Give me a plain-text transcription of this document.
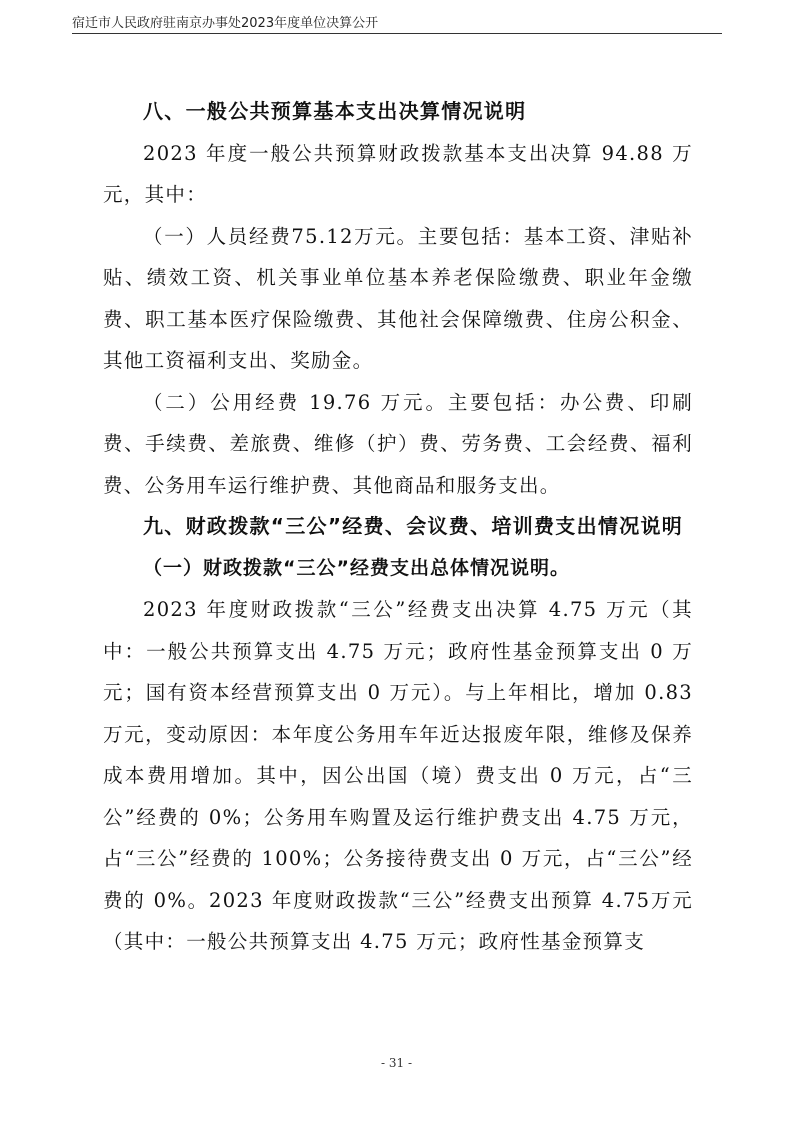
宿迁市人民政府驻南京办事处2023年度单位决算公开

八、一般公共预算基本支出决算情况说明

2023 年度一般公共预算财政拨款基本支出决算 94.88 万元，其中：

（一）人员经费75.12万元。主要包括：基本工资、津贴补贴、绩效工资、机关事业单位基本养老保险缴费、职业年金缴费、职工基本医疗保险缴费、其他社会保障缴费、住房公积金、其他工资福利支出、奖励金。

（二）公用经费 19.76 万元。主要包括：办公费、印刷费、手续费、差旅费、维修（护）费、劳务费、工会经费、福利费、公务用车运行维护费、其他商品和服务支出。

九、财政拨款“三公”经费、会议费、培训费支出情况说明

（一）财政拨款“三公”经费支出总体情况说明。

2023 年度财政拨款“三公”经费支出决算 4.75 万元（其中：一般公共预算支出 4.75 万元；政府性基金预算支出 0 万元；国有资本经营预算支出 0 万元）。与上年相比，增加 0.83万元，变动原因：本年度公务用车年近达报废年限，维修及保养成本费用增加。其中，因公出国（境）费支出 0 万元，占“三公”经费的 0%；公务用车购置及运行维护费支出 4.75 万元，占“三公”经费的 100%；公务接待费支出 0 万元，占“三公”经费的 0%。2023 年度财政拨款“三公”经费支出预算 4.75万元（其中：一般公共预算支出 4.75 万元；政府性基金预算支

- 31 -
